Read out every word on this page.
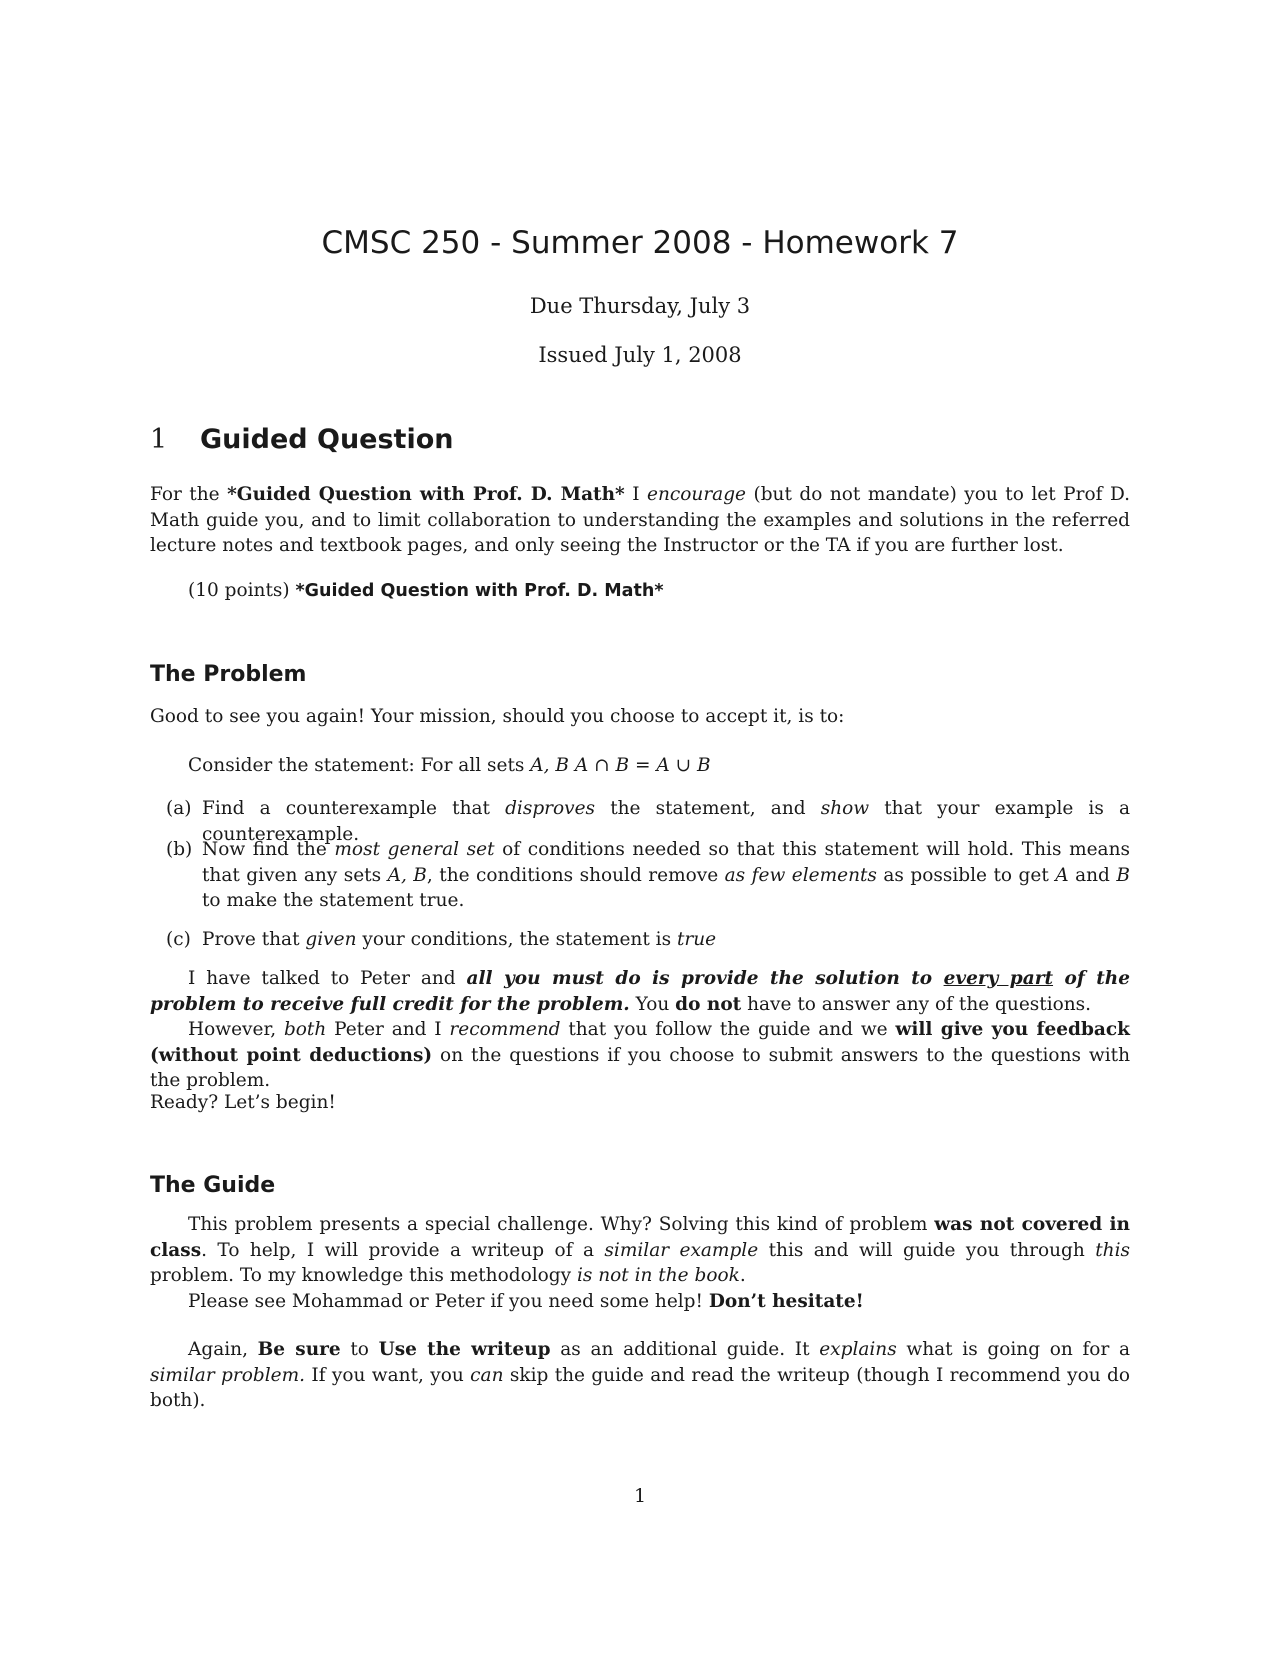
CMSC 250 - Summer 2008 - Homework 7
Due Thursday, July 3
Issued July 1, 2008
1 Guided Question

For the *Guided Question with Prof. D. Math* I encourage (but do not mandate) you to let Prof D. Math guide you, and to limit collaboration to understanding the examples and solutions in the referred lecture notes and textbook pages, and only seeing the Instructor or the TA if you are further lost.

(10 points) *Guided Question with Prof. D. Math*
The Problem
Good to see you again! Your mission, should you choose to accept it, is to:
Consider the statement: For all sets A, B A ∩ B = A ∪ B
(a) Find a counterexample that disproves the statement, and show that your example is a counterexample.

(b) Now find the most general set of conditions needed so that this statement will hold. This means that given any sets A, B, the conditions should remove as few elements as possible to get A and B to make the statement true.

(c) Prove that given your conditions, the statement is true

I have talked to Peter and all you must do is provide the solution to every part of the problem to receive full credit for the problem. You do not have to answer any of the questions.

However, both Peter and I recommend that you follow the guide and we will give you feedback (without point deductions) on the questions if you choose to submit answers to the questions with the problem.

Ready? Let’s begin!
The Guide

This problem presents a special challenge. Why? Solving this kind of problem was not covered in class. To help, I will provide a writeup of a similar example this and will guide you through this problem. To my knowledge this methodology is not in the book.

Please see Mohammad or Peter if you need some help! Don’t hesitate!

Again, Be sure to Use the writeup as an additional guide. It explains what is going on for a similar problem. If you want, you can skip the guide and read the writeup (though I recommend you do both).

1
